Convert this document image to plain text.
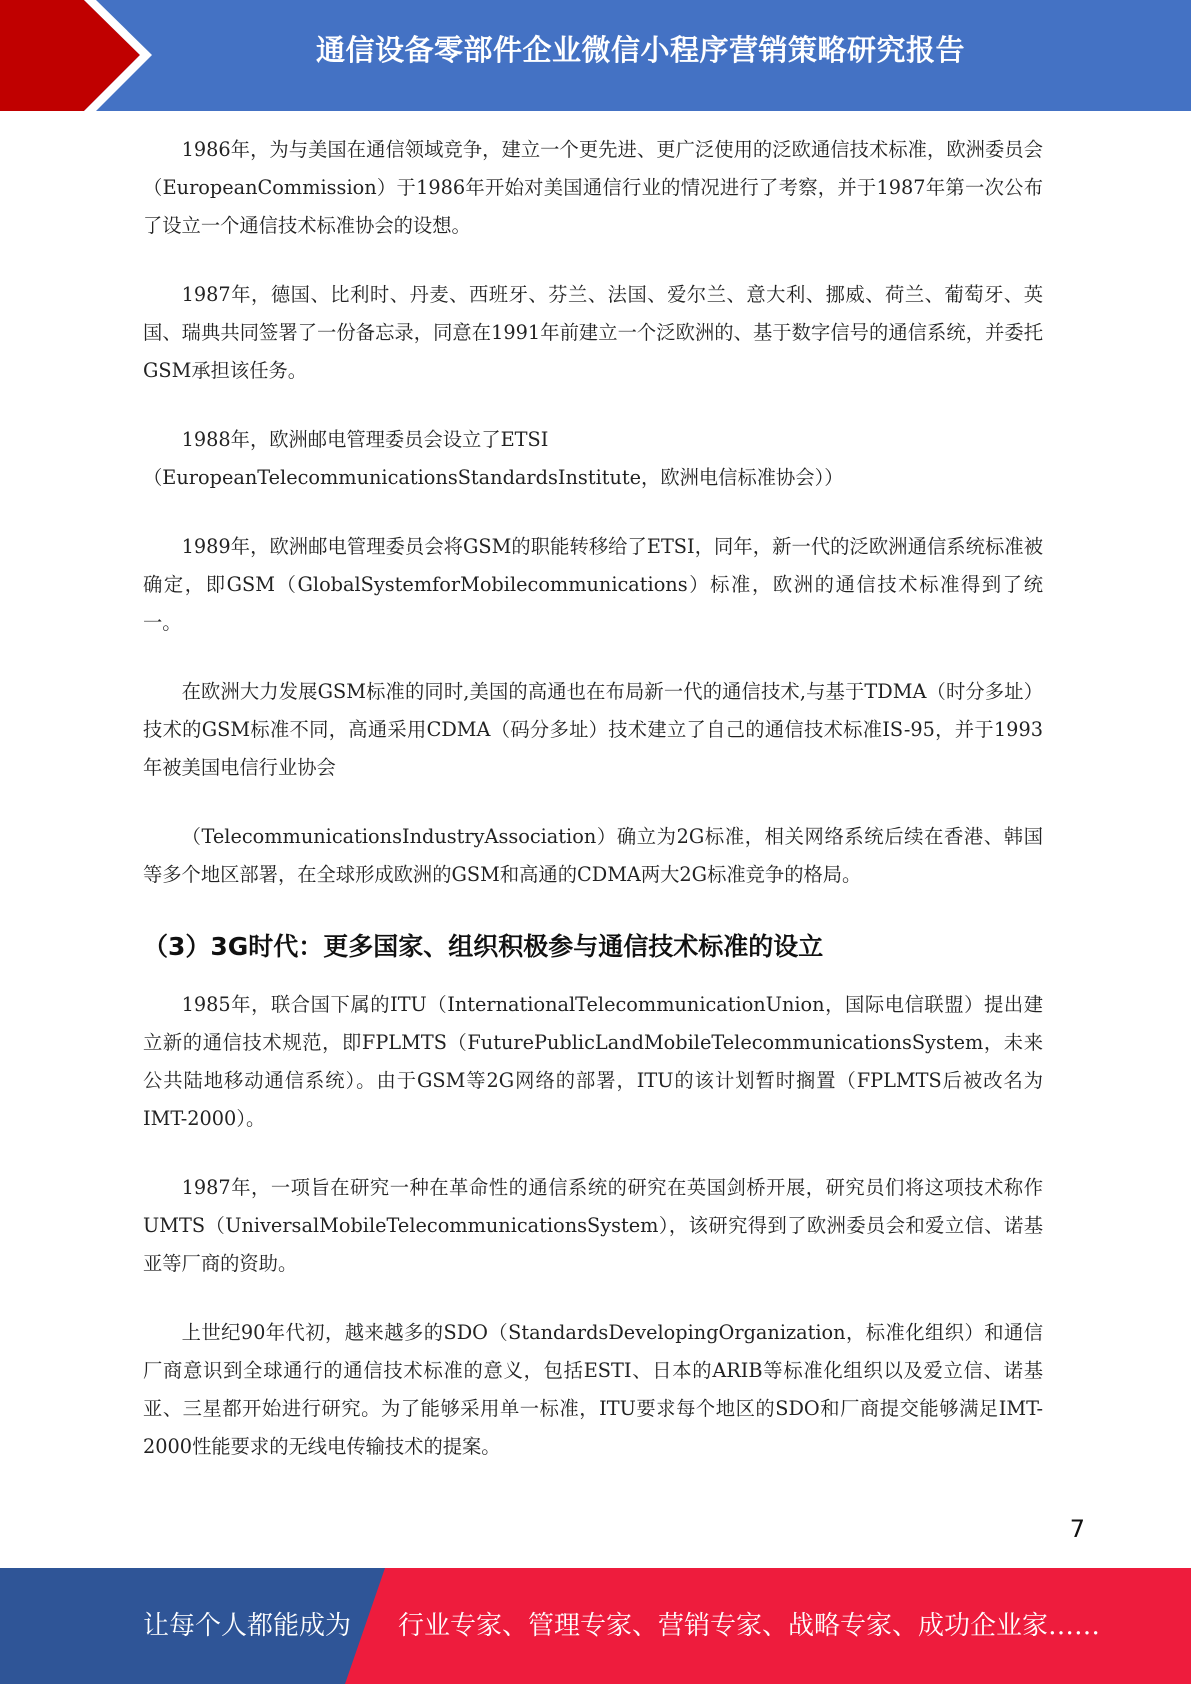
通信设备零部件企业微信小程序营销策略研究报告

1986年，为与美国在通信领域竞争，建立一个更先进、更广泛使用的泛欧通信技术标准，欧洲委员会（EuropeanCommission）于1986年开始对美国通信行业的情况进行了考察，并于1987年第一次公布了设立一个通信技术标准协会的设想。

1987年，德国、比利时、丹麦、西班牙、芬兰、法国、爱尔兰、意大利、挪威、荷兰、葡萄牙、英国、瑞典共同签署了一份备忘录，同意在1991年前建立一个泛欧洲的、基于数字信号的通信系统，并委托GSM承担该任务。

1988年，欧洲邮电管理委员会设立了ETSI

（EuropeanTelecommunicationsStandardsInstitute，欧洲电信标准协会））

1989年，欧洲邮电管理委员会将GSM的职能转移给了ETSI，同年，新一代的泛欧洲通信系统标准被确定，即GSM（GlobalSystemforMobilecommunications）标准，欧洲的通信技术标准得到了统一。

在欧洲大力发展GSM标准的同时,美国的高通也在布局新一代的通信技术,与基于TDMA（时分多址）技术的GSM标准不同，高通采用CDMA（码分多址）技术建立了自己的通信技术标准IS-95，并于1993年被美国电信行业协会

（TelecommunicationsIndustryAssociation）确立为2G标准，相关网络系统后续在香港、韩国等多个地区部署，在全球形成欧洲的GSM和高通的CDMA两大2G标准竞争的格局。

（3）3G时代：更多国家、组织积极参与通信技术标准的设立

1985年，联合国下属的ITU（InternationalTelecommunicationUnion，国际电信联盟）提出建立新的通信技术规范，即FPLMTS（FuturePublicLandMobileTelecommunicationsSystem，未来公共陆地移动通信系统）。由于GSM等2G网络的部署，ITU的该计划暂时搁置（FPLMTS后被改名为IMT-2000）。

1987年，一项旨在研究一种在革命性的通信系统的研究在英国剑桥开展，研究员们将这项技术称作UMTS（UniversalMobileTelecommunicationsSystem），该研究得到了欧洲委员会和爱立信、诺基亚等厂商的资助。

上世纪90年代初，越来越多的SDO（StandardsDevelopingOrganization，标准化组织）和通信厂商意识到全球通行的通信技术标准的意义，包括ESTI、日本的ARIB等标准化组织以及爱立信、诺基亚、三星都开始进行研究。为了能够采用单一标准，ITU要求每个地区的SDO和厂商提交能够满足IMT-2000性能要求的无线电传输技术的提案。

7
让每个人都能成为 行业专家、管理专家、营销专家、战略专家、成功企业家……
